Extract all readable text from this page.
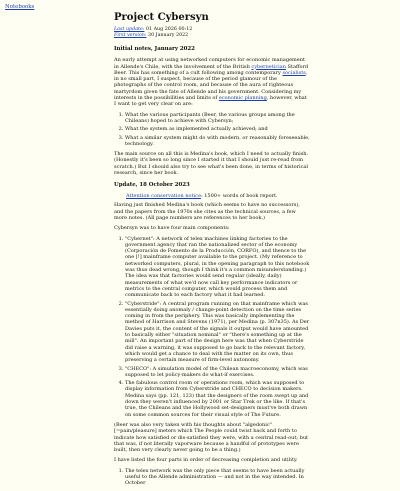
Notebooks
Project Cybersyn
Last update: 01 Aug 2026 00:12
First version: 30 January 2022
Initial notes, January 2022

An early attempt at using networked computers for economic management in Allende's Chile, with the involvement of the British cybernetician Stafford Beer. This has something of a cult following among contemporary socialists, in no small part, I suspect, because of the period glamour of the photographs of the control room, and because of the aura of righteous martyrdom given the fate of Allende and his government. Considering my interests in the possibilities and limits of economic planning, however, what I want to get very clear on are:

1. What the various participants (Beer, the various groups among the Chileans) hoped to achieve with Cybersyn;
2. What the system as implemented actually achieved; and
3. What a similar system might do with modern, or reasonably foreseeable, technology.

The main source on all this is Medina's book, which I need to actually finish. (Honestly it's been so long since I started it that I should just re-read from scratch.) But I should also try to see what's been done, in terms of historical research, since her book.

Update, 18 October 2023
Attention conservation notice: 1500+ words of book report.

Having just finished Medina's book (which seems to have no successors), and the papers from the 1970s she cites as the technical sources, a few more notes. (All page numbers are references to her book.)

Cybersyn was to have four main components:

1. "Cybernet": A network of telex machines linking factories to the government agency that ran the nationalized sector of the economy (Corporación de Fomento de la Producción, CORFO), and thence to the one [!] mainframe computer available to the project. (My reference to networked computers, plural, in the opening paragraph to this notebook was thus dead wrong, though I think it's a common misunderstanding.) The idea was that factories would send regular (ideally, daily) measurements of what we'd now call key performance indicators or metrics to the central computer, which would process them and communicate back to each factory what it had learned.
2. "Cyberstride": A central program running on that mainframe which was essentially doing anomaly / change-point detection on the time series coming in from the periphery. This was basically implementing the method of Harrison and Stevens (1971), per Medina (p. 307n35). As Der Davies puts it, the content of the signals it output would have amounted to basically either "situation nominal" or "there's something up at the mill". An important part of the design here was that when Cyberstride did raise a warning, it was supposed to go back to the relevant factory, which would get a chance to deal with the matter on its own, thus preserving a certain measure of firm-level autonomy.
3. "CHECO": A simulation model of the Chilean macroeconomy, which was supposed to let policy-makers do what-if exercises.
4. The fabulous control room or operations room, which was supposed to display information from Cyberstride and CHECO to decision makers. Medina says (pp. 121, 123) that the designers of the room swept up and down they weren't influenced by 2001 or Star Trek or the like. If that's true, the Chileans and the Hollywood set-designers must've both drawn on some common sources for their visual style of The Future.

(Beer was also very taken with his thoughts about "algedonic" [=pain/pleasure] meters which The People could twist back and forth to indicate how satisfied or dis-satisfied they were, with a central read-out; but that was, if not literally vaporware because a handful of prototypes were built, then very clearly never going to be a thing.)

I have listed the four parts in order of decreasing completion and utility.

1. The telex network was the only piece that seems to have been actually useful to the Allende administration — and not in the way intended. In October
